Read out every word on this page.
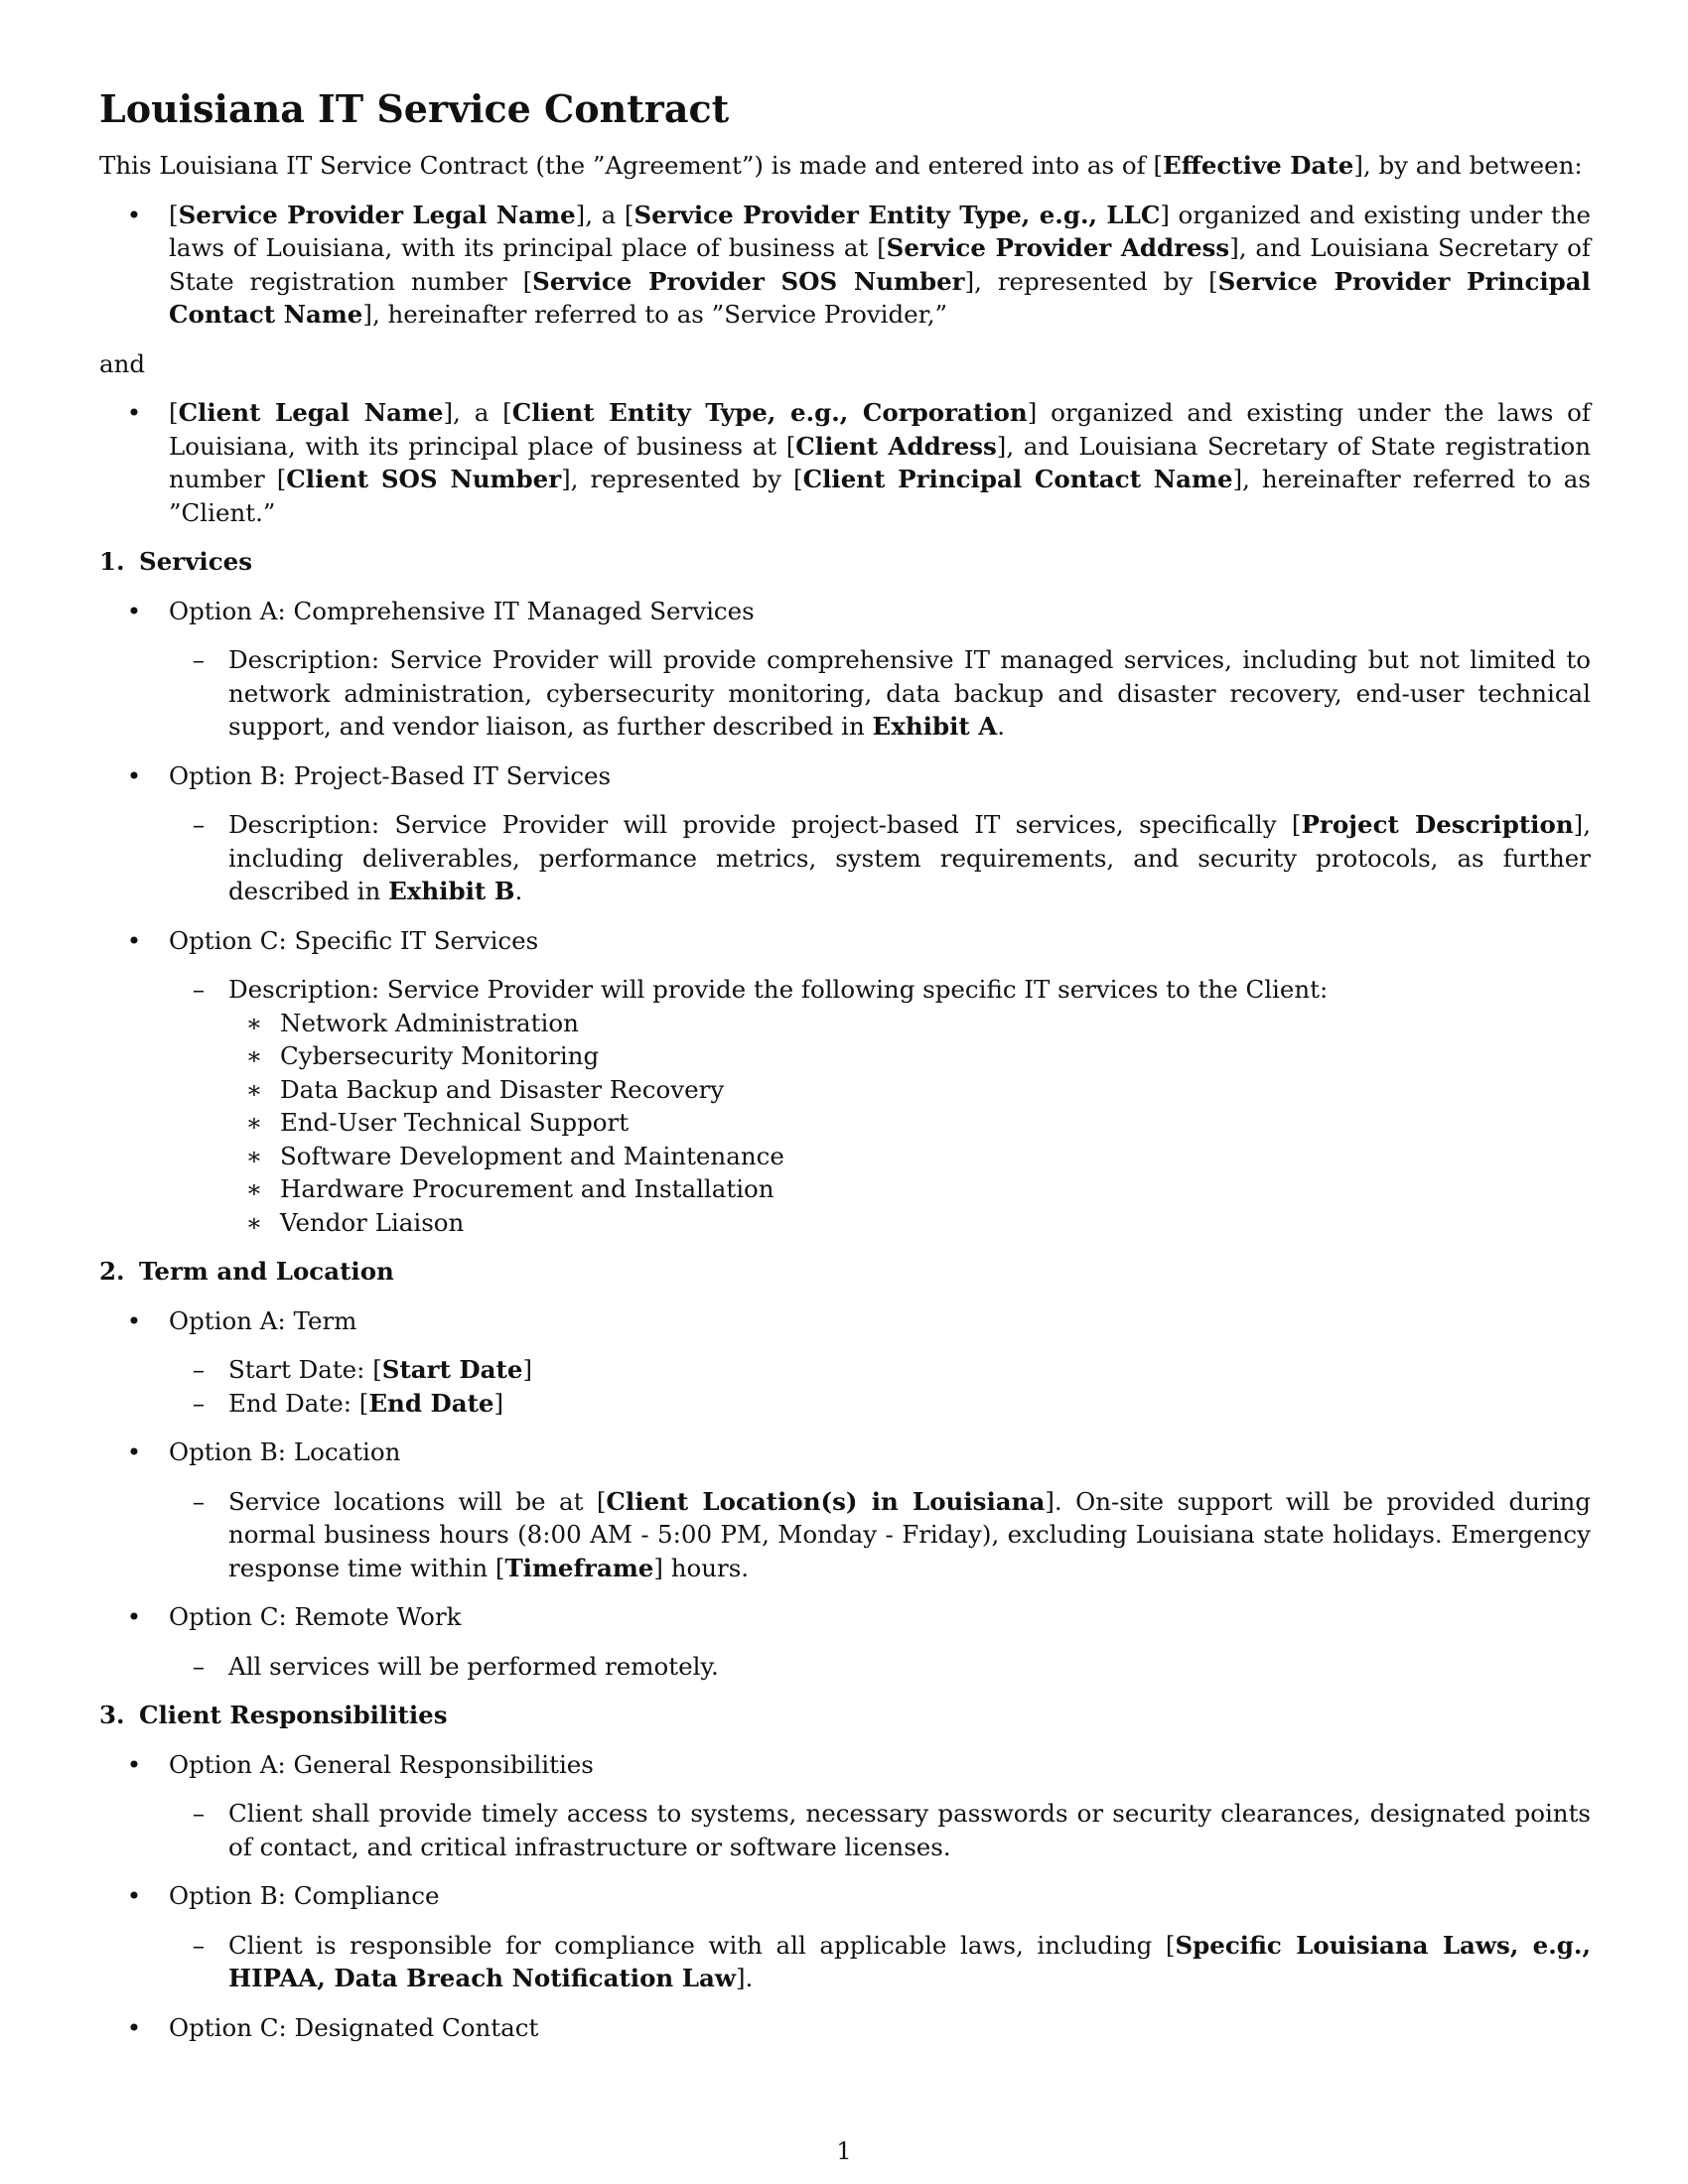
Louisiana IT Service Contract

This Louisiana IT Service Contract (the ”Agreement”) is made and entered into as of [Effective Date], by and between:

•	[Service Provider Legal Name], a [Service Provider Entity Type, e.g., LLC] organized and existing under the laws of Louisiana, with its principal place of business at [Service Provider Address], and Louisiana Secretary of State registration number [Service Provider SOS Number], represented by [Service Provider Principal Contact Name], hereinafter referred to as ”Service Provider,”

and

•	[Client Legal Name], a [Client Entity Type, e.g., Corporation] organized and existing under the laws of Louisiana, with its principal place of business at [Client Address], and Louisiana Secretary of State registration number [Client SOS Number], represented by [Client Principal Contact Name], hereinafter referred to as ”Client.”
1. Services
•	Option A: Comprehensive IT Managed Services
– Description: Service Provider will provide comprehensive IT managed services, including but not limited to network administration, cybersecurity monitoring, data backup and disaster recovery, end-user technical support, and vendor liaison, as further described in Exhibit A.
•	Option B: Project-Based IT Services
– Description: Service Provider will provide project-based IT services, specifically [Project Description], including deliverables, performance metrics, system requirements, and security protocols, as further described in Exhibit B.
•	Option C: Specific IT Services
– Description: Service Provider will provide the following specific IT services to the Client:
∗ Network Administration
∗ Cybersecurity Monitoring
∗ Data Backup and Disaster Recovery
∗ End-User Technical Support
∗ Software Development and Maintenance
∗ Hardware Procurement and Installation
∗ Vendor Liaison
2. Term and Location
•	Option A: Term
– Start Date: [Start Date]
– End Date: [End Date]
•	Option B: Location
– Service locations will be at [Client Location(s) in Louisiana]. On-site support will be provided during normal business hours (8:00 AM - 5:00 PM, Monday - Friday), excluding Louisiana state holidays. Emergency response time within [Timeframe] hours.
•	Option C: Remote Work
– All services will be performed remotely.
3. Client Responsibilities
•	Option A: General Responsibilities
– Client shall provide timely access to systems, necessary passwords or security clearances, designated points of contact, and critical infrastructure or software licenses.
•	Option B: Compliance
– Client is responsible for compliance with all applicable laws, including [Specific Louisiana Laws, e.g., HIPAA, Data Breach Notification Law].
•	Option C: Designated Contact
1
